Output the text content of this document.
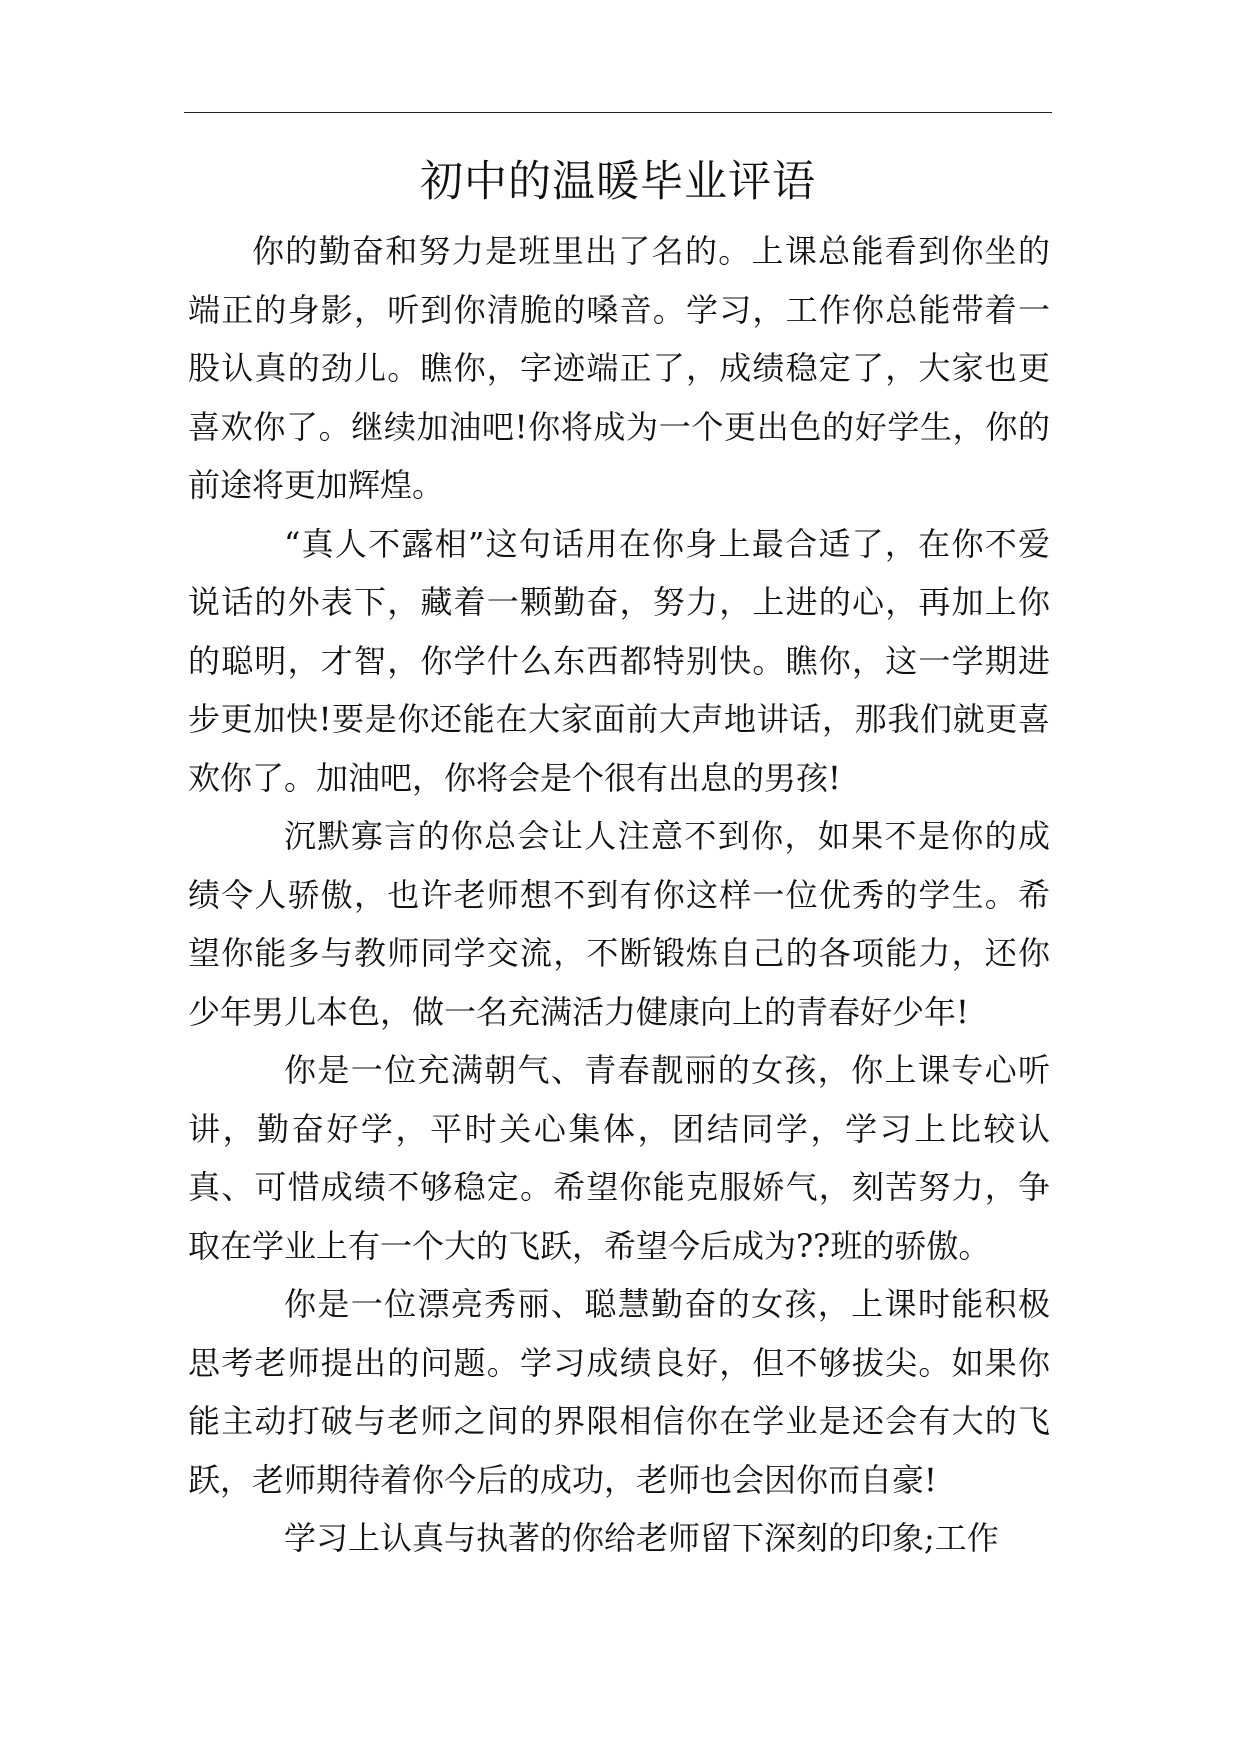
初中的温暖毕业评语

你的勤奋和努力是班里出了名的。上课总能看到你坐的端正的身影，听到你清脆的嗓音。学习，工作你总能带着一股认真的劲儿。瞧你，字迹端正了，成绩稳定了，大家也更喜欢你了。继续加油吧!你将成为一个更出色的好学生，你的前途将更加辉煌。

“真人不露相”这句话用在你身上最合适了，在你不爱说话的外表下，藏着一颗勤奋，努力，上进的心，再加上你的聪明，才智，你学什么东西都特别快。瞧你，这一学期进步更加快!要是你还能在大家面前大声地讲话，那我们就更喜欢你了。加油吧，你将会是个很有出息的男孩!

沉默寡言的你总会让人注意不到你，如果不是你的成绩令人骄傲，也许老师想不到有你这样一位优秀的学生。希望你能多与教师同学交流，不断锻炼自己的各项能力，还你少年男儿本色，做一名充满活力健康向上的青春好少年!

你是一位充满朝气、青春靓丽的女孩，你上课专心听讲，勤奋好学，平时关心集体，团结同学，学习上比较认真、可惜成绩不够稳定。希望你能克服娇气，刻苦努力，争取在学业上有一个大的飞跃，希望今后成为??班的骄傲。

你是一位漂亮秀丽、聪慧勤奋的女孩，上课时能积极思考老师提出的问题。学习成绩良好，但不够拔尖。如果你能主动打破与老师之间的界限相信你在学业是还会有大的飞跃，老师期待着你今后的成功，老师也会因你而自豪!

学习上认真与执著的你给老师留下深刻的印象;工作
